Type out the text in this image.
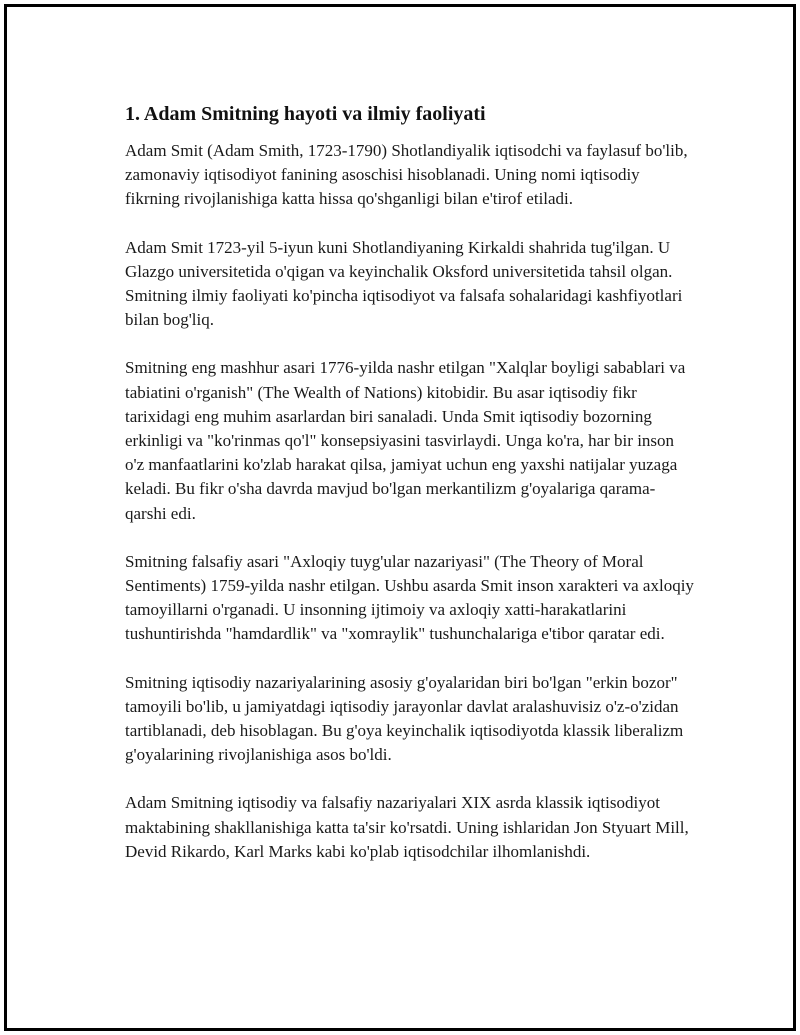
1. Adam Smitning hayoti va ilmiy faoliyati

Adam Smit (Adam Smith, 1723-1790) Shotlandiyalik iqtisodchi va faylasuf bo'lib, zamonaviy iqtisodiyot fanining asoschisi hisoblanadi. Uning nomi iqtisodiy fikrning rivojlanishiga katta hissa qo'shganligi bilan e'tirof etiladi.

Adam Smit 1723-yil 5-iyun kuni Shotlandiyaning Kirkaldi shahrida tug'ilgan. U Glazgo universitetida o'qigan va keyinchalik Oksford universitetida tahsil olgan. Smitning ilmiy faoliyati ko'pincha iqtisodiyot va falsafa sohalaridagi kashfiyotlari bilan bog'liq.

Smitning eng mashhur asari 1776-yilda nashr etilgan "Xalqlar boyligi sabablari va tabiatini o'rganish" (The Wealth of Nations) kitobidir. Bu asar iqtisodiy fikr tarixidagi eng muhim asarlardan biri sanaladi. Unda Smit iqtisodiy bozorning erkinligi va "ko'rinmas qo'l" konsepsiyasini tasvirlaydi. Unga ko'ra, har bir inson o'z manfaatlarini ko'zlab harakat qilsa, jamiyat uchun eng yaxshi natijalar yuzaga keladi. Bu fikr o'sha davrda mavjud bo'lgan merkantilizm g'oyalariga qarama-qarshi edi.

Smitning falsafiy asari "Axloqiy tuyg'ular nazariyasi" (The Theory of Moral Sentiments) 1759-yilda nashr etilgan. Ushbu asarda Smit inson xarakteri va axloqiy tamoyillarni o'rganadi. U insonning ijtimoiy va axloqiy xatti-harakatlarini tushuntirishda "hamdardlik" va "xomraylik" tushunchalariga e'tibor qaratar edi.

Smitning iqtisodiy nazariyalarining asosiy g'oyalaridan biri bo'lgan "erkin bozor" tamoyili bo'lib, u jamiyatdagi iqtisodiy jarayonlar davlat aralashuvisiz o'z-o'zidan tartiblanadi, deb hisoblagan. Bu g'oya keyinchalik iqtisodiyotda klassik liberalizm g'oyalarining rivojlanishiga asos bo'ldi.

Adam Smitning iqtisodiy va falsafiy nazariyalari XIX asrda klassik iqtisodiyot maktabining shakllanishiga katta ta'sir ko'rsatdi. Uning ishlaridan Jon Styuart Mill, Devid Rikardo, Karl Marks kabi ko'plab iqtisodchilar ilhomlanishdi.
